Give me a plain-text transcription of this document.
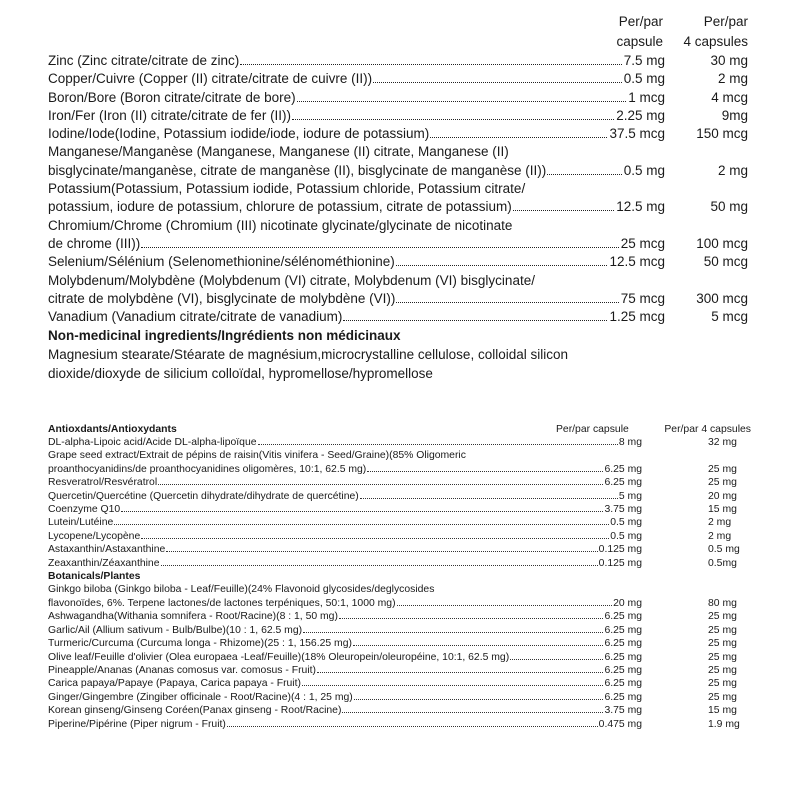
Per/par
capsule
Per/par
4 capsules
Zinc (Zinc citrate/citrate de zinc)	7.5 mg	30 mg
Copper/Cuivre (Copper (II) citrate/citrate de cuivre (II))	0.5 mg	2 mg
Boron/Bore (Boron citrate/citrate de bore)	1 mcg	4 mcg
Iron/Fer (Iron (II) citrate/citrate de fer (II))	2.25 mg	9mg
Iodine/Iode(Iodine, Potassium iodide/iode, iodure de potassium)	37.5 mcg 150 mcg
Manganese/Manganèse (Manganese, Manganese (II) citrate, Manganese (II)
bisglycinate/manganèse, citrate de manganèse (II), bisglycinate de manganèse (II))	0.5 mg	2 mg
Potassium(Potassium, Potassium iodide, Potassium chloride, Potassium citrate/
potassium, iodure de potassium, chlorure de potassium, citrate de potassium)	12.5 mg	50 mg
Chromium/Chrome (Chromium (III) nicotinate glycinate/glycinate de nicotinate
de chrome (III))	25 mcg 100 mcg
Selenium/Sélénium (Selenomethionine/sélénométhionine)	12.5 mcg	50 mcg
Molybdenum/Molybdène (Molybdenum (VI) citrate, Molybdenum (VI) bisglycinate/
citrate de molybdène (VI), bisglycinate de molybdène (VI))	75 mcg 300 mcg
Vanadium (Vanadium citrate/citrate de vanadium)	1.25 mcg	5 mcg
Non-medicinal ingredients/Ingrédients non médicinaux
Magnesium stearate/Stéarate de magnésium,microcrystalline cellulose, colloidal silicon dioxide/dioxyde de silicium colloïdal, hypromellose/hypromellose
Antioxdants/Antioxydants	Per/par capsule	Per/par 4 capsules
DL-alpha-Lipoic acid/Acide DL-alpha-lipoïque	8 mg	32 mg
Grape seed extract/Extrait de pépins de raisin(Vitis vinifera - Seed/Graine)(85% Oligomeric
proanthocyanidins/de proanthocyanidines oligomères, 10:1, 62.5 mg)	6.25 mg	25 mg
Resveratrol/Resvératrol	6.25 mg	25 mg
Quercetin/Quercétine (Quercetin dihydrate/dihydrate de quercétine)	5 mg	20 mg
Coenzyme Q10	3.75 mg	15 mg
Lutein/Lutéine	0.5 mg	2 mg
Lycopene/Lycopène	0.5 mg	2 mg
Astaxanthin/Astaxanthine	0.125 mg	0.5 mg
Zeaxanthin/Zéaxanthine	0.125 mg	0.5mg
Botanicals/Plantes
Ginkgo biloba (Ginkgo biloba - Leaf/Feuille)(24% Flavonoid glycosides/deglycosides
flavonoïdes, 6%. Terpene lactones/de lactones terpéniques, 50:1, 1000 mg)	20 mg	80 mg
Ashwagandha(Withania somnifera - Root/Racine)(8 : 1, 50 mg)	6.25 mg	25 mg
Garlic/Ail (Allium sativum - Bulb/Bulbe)(10 : 1, 62.5 mg)	6.25 mg	25 mg
Turmeric/Curcuma (Curcuma longa - Rhizome)(25 : 1, 156.25 mg)	6.25 mg	25 mg
Olive leaf/Feuille d'olivier (Olea europaea -Leaf/Feuille)(18% Oleuropein/oleuropéine, 10:1, 62.5 mg)	6.25 mg	25 mg
Pineapple/Ananas (Ananas comosus var. comosus - Fruit)	6.25 mg	25 mg
Carica papaya/Papaye (Papaya, Carica papaya - Fruit)	6.25 mg	25 mg
Ginger/Gingembre (Zingiber officinale - Root/Racine)(4 : 1, 25 mg)	6.25 mg	25 mg
Korean ginseng/Ginseng Coréen(Panax ginseng - Root/Racine)	3.75 mg	15 mg
Piperine/Pipérine (Piper nigrum - Fruit)	0.475 mg	1.9 mg
